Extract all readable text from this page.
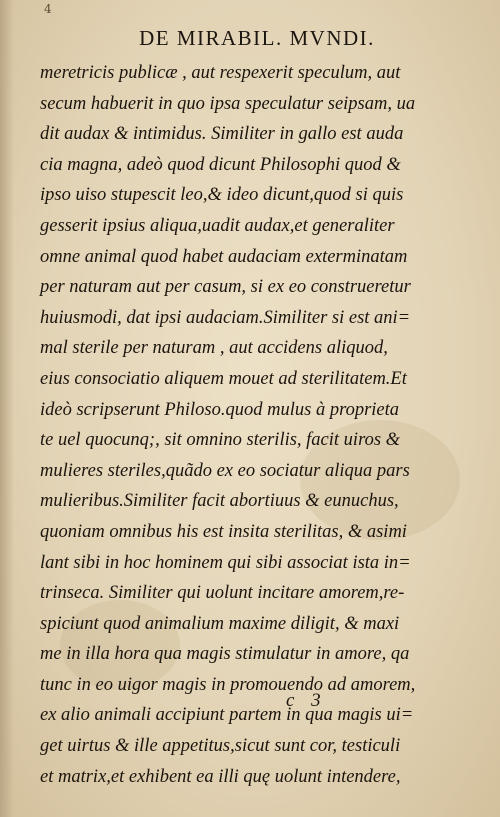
4
DE MIRABIL. MVNDI.
meretricis publicæ , aut respexerit speculum, aut
secum habuerit in quo ipsa speculatur seipsam, ua
dit audax & intimidus. Similiter in gallo est auda
cia magna, adeò quod dicunt Philosophi quod &
ipso uiso stupescit leo,& ideo dicunt,quod si quis
gesserit ipsius aliqua,uadit audax,et generaliter
omne animal quod habet audaciam exterminatam
per naturam aut per casum, si ex eo construeretur
huiusmodi, dat ipsi audaciam.Similiter si est ani=
mal sterile per naturam , aut accidens aliquod,
eius consociatio aliquem mouet ad sterilitatem.Et
ideò scripserunt Philoso.quod mulus à proprieta
te uel quocunq;, sit omnino sterilis, facit uiros &
mulieres steriles,quãdo ex eo sociatur aliqua pars
mulieribus.Similiter facit abortiuus & eunuchus,
quoniam omnibus his est insita sterilitas, & asimi
lant sibi in hoc hominem qui sibi associat ista in=
trinseca. Similiter qui uolunt incitare amorem,re-
spiciunt quod animalium maxime diligit, & maxi
me in illa hora qua magis stimulatur in amore, qa
tunc in eo uigor magis in promouendo ad amorem,
ex alio animali accipiunt partem in qua magis ui=
get uirtus & ille appetitus,sicut sunt cor, testiculi
et matrix,et exhibent ea illi quę uolunt intendere,
c 3
